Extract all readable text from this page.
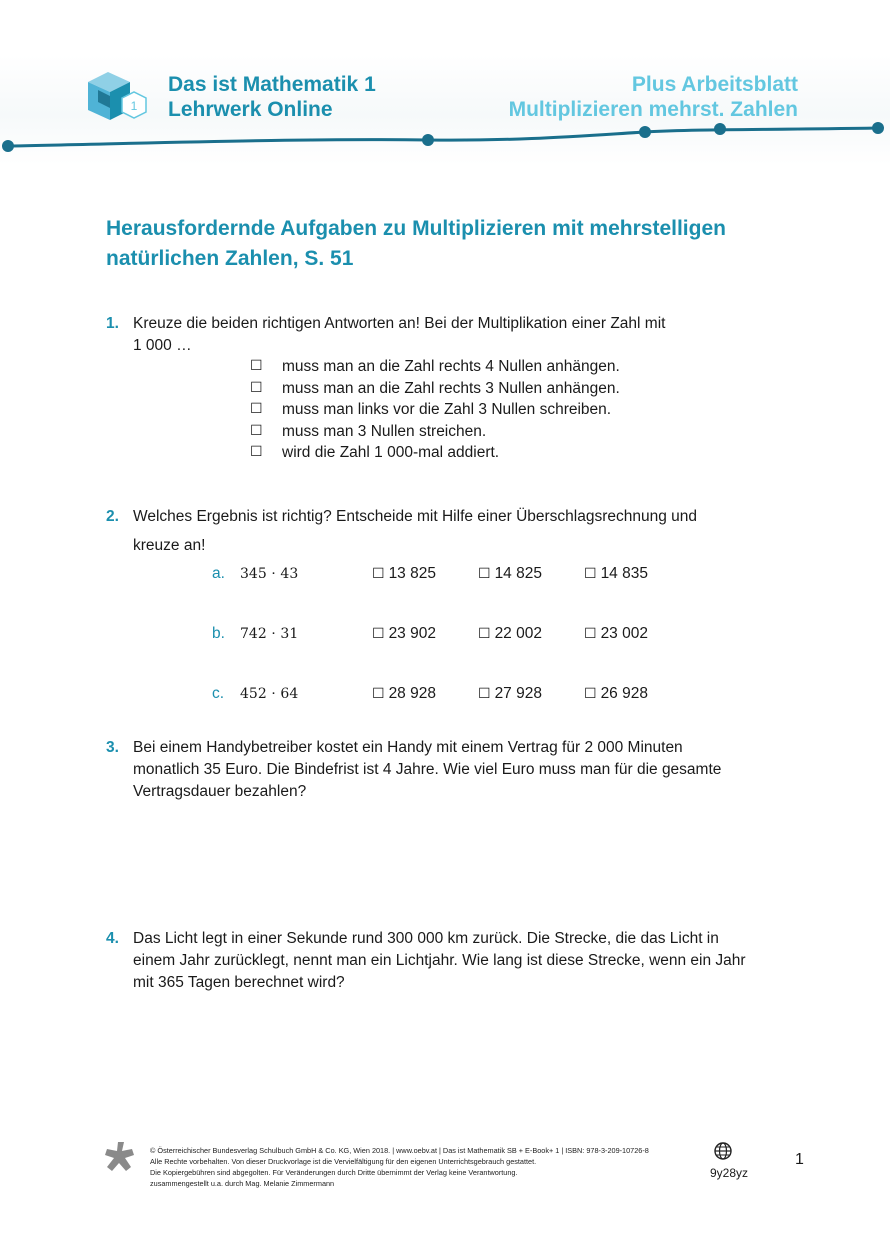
1
Das ist Mathematik 1
Lehrwerk Online
Plus Arbeitsblatt
Multiplizieren mehrst. Zahlen
Herausfordernde Aufgaben zu Multiplizieren mit mehrstelligen
natürlichen Zahlen, S. 51
1. Kreuze die beiden richtigen Antworten an! Bei der Multiplikation einer Zahl mit
1 000 …
☐	muss man an die Zahl rechts 4 Nullen anhängen.
☐	muss man an die Zahl rechts 3 Nullen anhängen.
☐	muss man links vor die Zahl 3 Nullen schreiben.
☐	muss man 3 Nullen streichen.
☐	wird die Zahl 1 000-mal addiert.
2. Welches Ergebnis ist richtig? Entscheide mit Hilfe einer Überschlagsrechnung und
kreuze an!
a.	345 ⋅ 43	☐ 13 825	☐ 14 825	☐ 14 835
b.	742 ⋅ 31	☐ 23 902	☐ 22 002	☐ 23 002
c.	452 ⋅ 64	☐ 28 928	☐ 27 928	☐ 26 928
3. Bei einem Handybetreiber kostet ein Handy mit einem Vertrag für 2 000 Minuten
monatlich 35 Euro. Die Bindefrist ist 4 Jahre. Wie viel Euro muss man für die gesamte
Vertragsdauer bezahlen?
4. Das Licht legt in einer Sekunde rund 300 000 km zurück. Die Strecke, die das Licht in
einem Jahr zurücklegt, nennt man ein Lichtjahr. Wie lang ist diese Strecke, wenn ein Jahr
mit 365 Tagen berechnet wird?
© Österreichischer Bundesverlag Schulbuch GmbH & Co. KG, Wien 2018. | www.oebv.at | Das ist Mathematik SB + E-Book+ 1 | ISBN: 978-3-209-10726-8
Alle Rechte vorbehalten. Von dieser Druckvorlage ist die Vervielfältigung für den eigenen Unterrichtsgebrauch gestattet.
Die Kopiergebühren sind abgegolten. Für Veränderungen durch Dritte übernimmt der Verlag keine Verantwortung.
zusammengestellt u.a. durch Mag. Melanie Zimmermann
9y28yz
1
